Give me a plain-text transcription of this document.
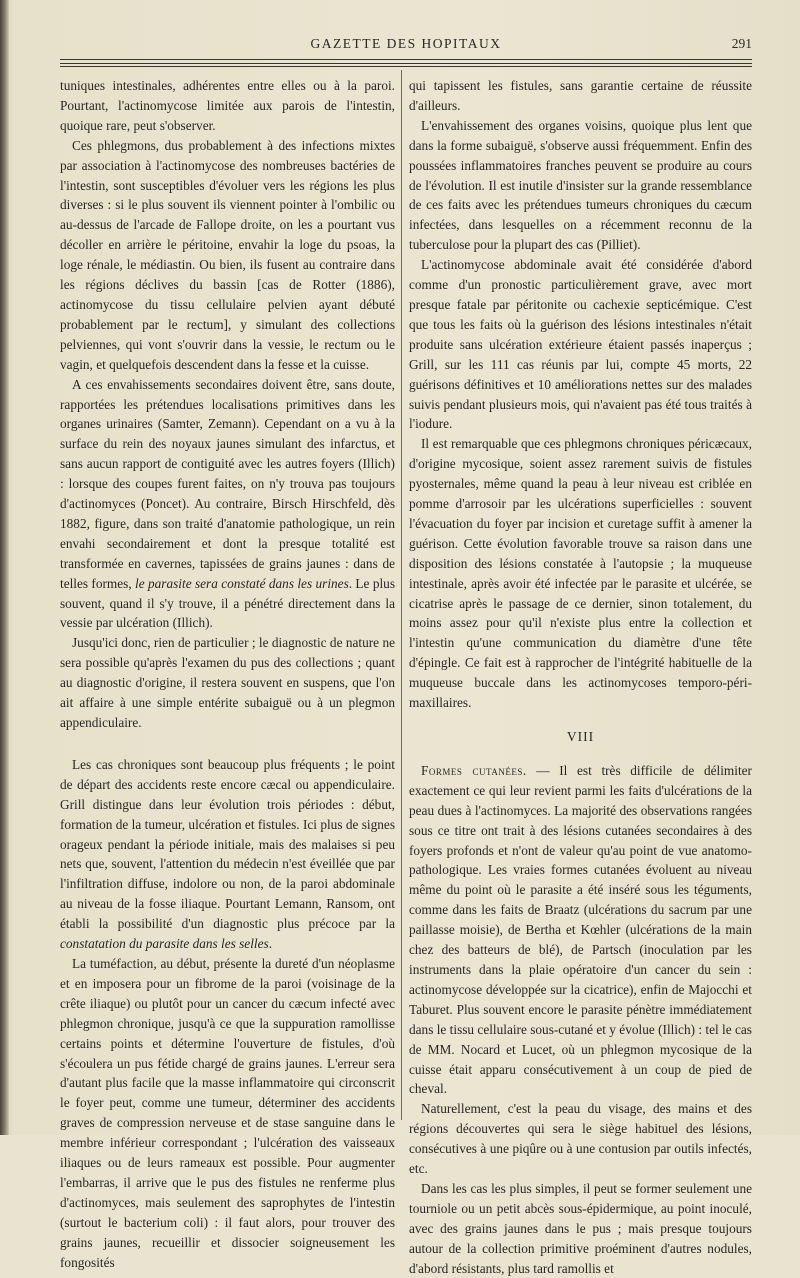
GAZETTE DES HOPITAUX	291

tuniques intestinales, adhérentes entre elles ou à la paroi. Pourtant, l'actinomycose limitée aux parois de l'intestin, quoique rare, peut s'observer.

Ces phlegmons, dus probablement à des infections mixtes par association à l'actinomycose des nombreuses bactéries de l'intestin, sont susceptibles d'évoluer vers les régions les plus diverses : si le plus souvent ils viennent pointer à l'ombilic ou au-dessus de l'arcade de Fallope droite, on les a pourtant vus décoller en arrière le péritoine, envahir la loge du psoas, la loge rénale, le médiastin. Ou bien, ils fusent au contraire dans les régions déclives du bassin [cas de Rotter (1886), actinomycose du tissu cellulaire pelvien ayant débuté probablement par le rectum], y simulant des collections pelviennes, qui vont s'ouvrir dans la vessie, le rectum ou le vagin, et quelquefois descendent dans la fesse et la cuisse.

A ces envahissements secondaires doivent être, sans doute, rapportées les prétendues localisations primitives dans les organes urinaires (Samter, Zemann). Cependant on a vu à la surface du rein des noyaux jaunes simulant des infarctus, et sans aucun rapport de contiguité avec les autres foyers (Illich) : lorsque des coupes furent faites, on n'y trouva pas toujours d'actinomyces (Poncet). Au contraire, Birsch Hirschfeld, dès 1882, figure, dans son traité d'anatomie pathologique, un rein envahi secondairement et dont la presque totalité est transformée en cavernes, tapissées de grains jaunes : dans de telles formes, le parasite sera constaté dans les urines. Le plus souvent, quand il s'y trouve, il a pénétré directement dans la vessie par ulcération (Illich).

Jusqu'ici donc, rien de particulier ; le diagnostic de nature ne sera possible qu'après l'examen du pus des collections ; quant au diagnostic d'origine, il restera souvent en suspens, que l'on ait affaire à une simple entérite subaiguë ou à un plegmon appendiculaire.

Les cas chroniques sont beaucoup plus fréquents ; le point de départ des accidents reste encore cæcal ou appendiculaire. Grill distingue dans leur évolution trois périodes : début, formation de la tumeur, ulcération et fistules. Ici plus de signes orageux pendant la période initiale, mais des malaises si peu nets que, souvent, l'attention du médecin n'est éveillée que par l'infiltration diffuse, indolore ou non, de la paroi abdominale au niveau de la fosse iliaque. Pourtant Lemann, Ransom, ont établi la possibilité d'un diagnostic plus précoce par la constatation du parasite dans les selles.

La tuméfaction, au début, présente la dureté d'un néoplasme et en imposera pour un fibrome de la paroi (voisinage de la crête iliaque) ou plutôt pour un cancer du cæcum infecté avec phlegmon chronique, jusqu'à ce que la suppuration ramollisse certains points et détermine l'ouverture de fistules, d'où s'écoulera un pus fétide chargé de grains jaunes. L'erreur sera d'autant plus facile que la masse inflammatoire qui circonscrit le foyer peut, comme une tumeur, déterminer des accidents graves de compression nerveuse et de stase sanguine dans le membre inférieur correspondant ; l'ulcération des vaisseaux iliaques ou de leurs rameaux est possible. Pour augmenter l'embarras, il arrive que le pus des fistules ne renferme plus d'actinomyces, mais seulement des saprophytes de l'intestin (surtout le bacterium coli) : il faut alors, pour trouver des grains jaunes, recueillir et dissocier soigneusement les fongosités

qui tapissent les fistules, sans garantie certaine de réussite d'ailleurs.

L'envahissement des organes voisins, quoique plus lent que dans la forme subaiguë, s'observe aussi fréquemment. Enfin des poussées inflammatoires franches peuvent se produire au cours de l'évolution. Il est inutile d'insister sur la grande ressemblance de ces faits avec les prétendues tumeurs chroniques du cæcum infectées, dans lesquelles on a récemment reconnu de la tuberculose pour la plupart des cas (Pilliet).

L'actinomycose abdominale avait été considérée d'abord comme d'un pronostic particulièrement grave, avec mort presque fatale par péritonite ou cachexie septicémique. C'est que tous les faits où la guérison des lésions intestinales n'était produite sans ulcération extérieure étaient passés inaperçus ; Grill, sur les 111 cas réunis par lui, compte 45 morts, 22 guérisons définitives et 10 améliorations nettes sur des malades suivis pendant plusieurs mois, qui n'avaient pas été tous traités à l'iodure.

Il est remarquable que ces phlegmons chroniques péricæcaux, d'origine mycosique, soient assez rarement suivis de fistules pyosternales, même quand la peau à leur niveau est criblée en pomme d'arrosoir par les ulcérations superficielles : souvent l'évacuation du foyer par incision et curetage suffit à amener la guérison. Cette évolution favorable trouve sa raison dans une disposition des lésions constatée à l'autopsie ; la muqueuse intestinale, après avoir été infectée par le parasite et ulcérée, se cicatrise après le passage de ce dernier, sinon totalement, du moins assez pour qu'il n'existe plus entre la collection et l'intestin qu'une communication du diamètre d'une tête d'épingle. Ce fait est à rapprocher de l'intégrité habituelle de la muqueuse buccale dans les actinomycoses temporo-péri-maxillaires.

VIII

Formes cutanées. — Il est très difficile de délimiter exactement ce qui leur revient parmi les faits d'ulcérations de la peau dues à l'actinomyces. La majorité des observations rangées sous ce titre ont trait à des lésions cutanées secondaires à des foyers profonds et n'ont de valeur qu'au point de vue anatomo-pathologique. Les vraies formes cutanées évoluent au niveau même du point où le parasite a été inséré sous les téguments, comme dans les faits de Braatz (ulcérations du sacrum par une paillasse moisie), de Bertha et Kœhler (ulcérations de la main chez des batteurs de blé), de Partsch (inoculation par les instruments dans la plaie opératoire d'un cancer du sein : actinomycose développée sur la cicatrice), enfin de Majocchi et Taburet. Plus souvent encore le parasite pénètre immédiatement dans le tissu cellulaire sous-cutané et y évolue (Illich) : tel le cas de MM. Nocard et Lucet, où un phlegmon mycosique de la cuisse était apparu consécutivement à un coup de pied de cheval.

Naturellement, c'est la peau du visage, des mains et des régions découvertes qui sera le siège habituel des lésions, consécutives à une piqûre ou à une contusion par outils infectés, etc.

Dans les cas les plus simples, il peut se former seulement une tourniole ou un petit abcès sous-épidermique, au point inoculé, avec des grains jaunes dans le pus ; mais presque toujours autour de la collection primitive proéminent d'autres nodules, d'abord résistants, plus tard ramollis et
